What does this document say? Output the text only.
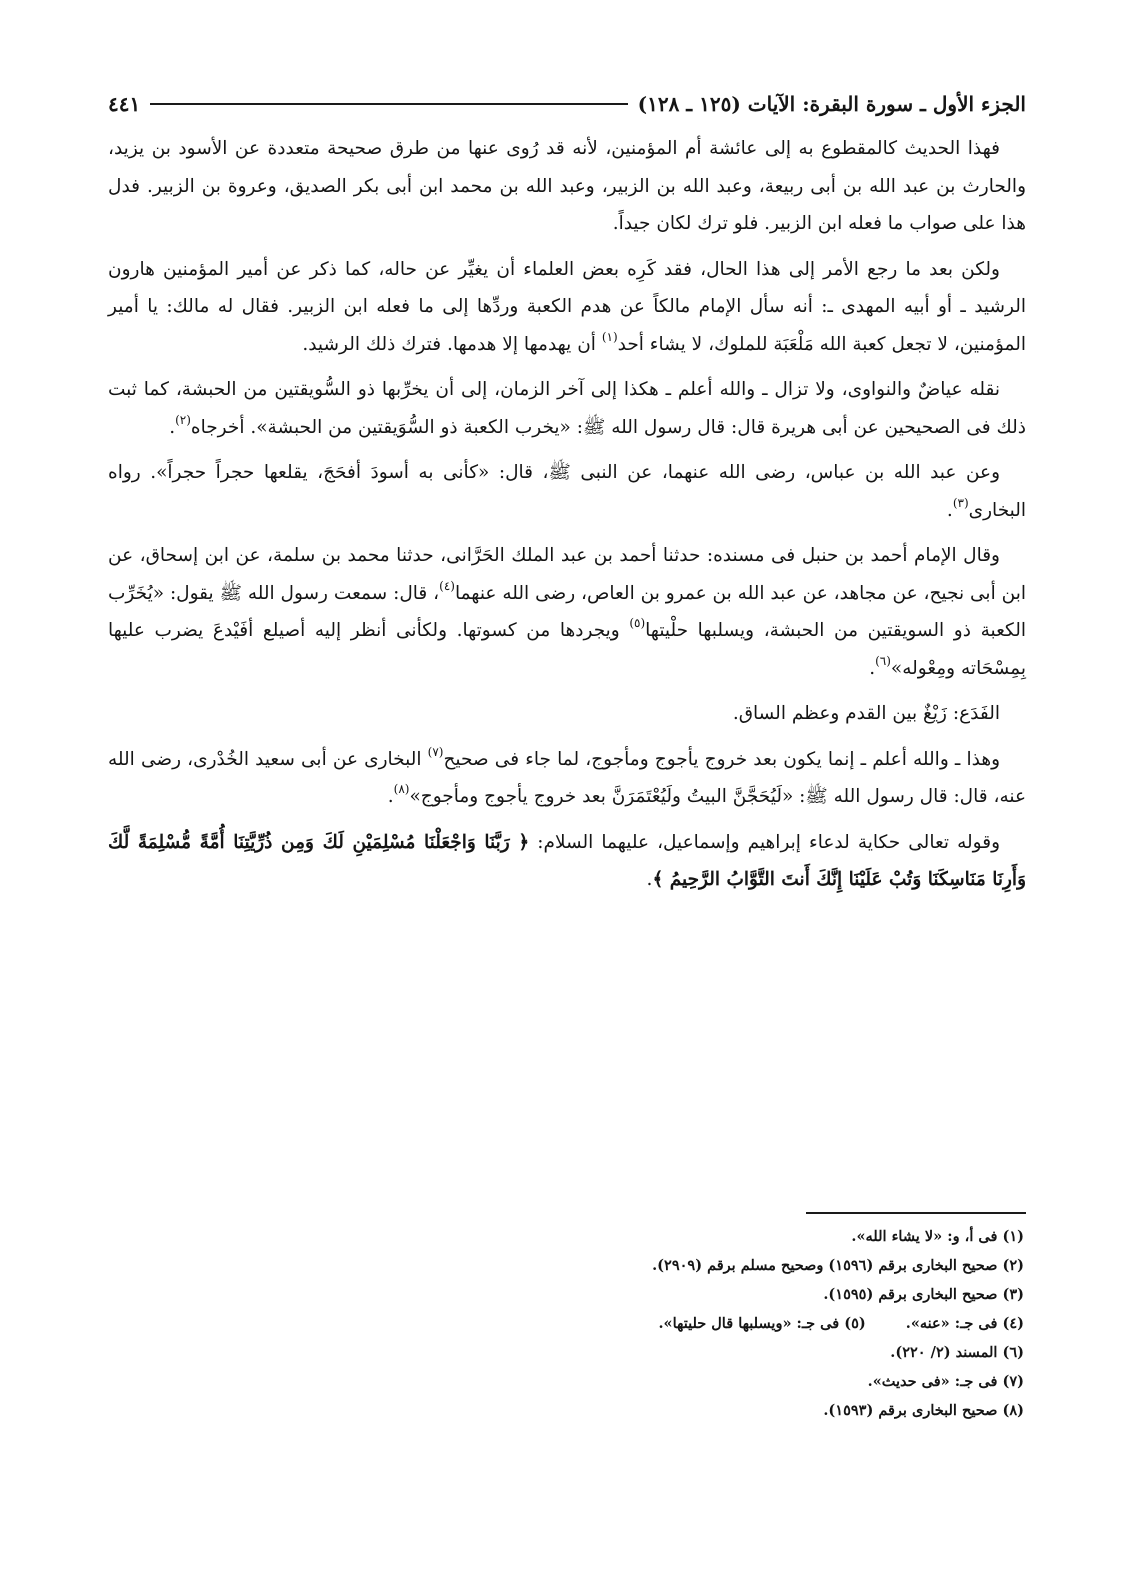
الجزء الأول ـ سورة البقرة: الآيات (١٢٥ ـ ١٢٨)
٤٤١

فهذا الحديث كالمقطوع به إلى عائشة أم المؤمنين، لأنه قد رُوى عنها من طرق صحيحة متعددة عن الأسود بن يزيد، والحارث بن عبد الله بن أبى ربيعة، وعبد الله بن الزبير، وعبد الله بن محمد ابن أبى بكر الصديق، وعروة بن الزبير. فدل هذا على صواب ما فعله ابن الزبير. فلو ترك لكان جيداً.

ولكن بعد ما رجع الأمر إلى هذا الحال، فقد كَرِه بعض العلماء أن يغيِّر عن حاله، كما ذكر عن أمير المؤمنين هارون الرشيد ـ أو أبيه المهدى ـ: أنه سأل الإمام مالكاً عن هدم الكعبة وردِّها إلى ما فعله ابن الزبير. فقال له مالك: يا أمير المؤمنين، لا تجعل كعبة الله مَلْعَبَة للملوك، لا يشاء أحد$^{(١)}$ أن يهدمها إلا هدمها. فترك ذلك الرشيد.

نقله عياضٌ والنواوى، ولا تزال ـ والله أعلم ـ هكذا إلى آخر الزمان، إلى أن يخرِّبها ذو السُّويقتين من الحبشة، كما ثبت ذلك فى الصحيحين عن أبى هريرة قال: قال رسول الله ﷺ: «يخرب الكعبة ذو السُّوَيقتين من الحبشة». أخرجاه$^{(٢)}$.

وعن عبد الله بن عباس، رضى الله عنهما، عن النبى ﷺ، قال: «كأنى به أسودَ أفحَجَ، يقلعها حجراً حجراً». رواه البخارى$^{(٣)}$.

وقال الإمام أحمد بن حنبل فى مسنده: حدثنا أحمد بن عبد الملك الحَرَّانى، حدثنا محمد بن سلمة، عن ابن إسحاق، عن ابن أبى نجيح، عن مجاهد، عن عبد الله بن عمرو بن العاص، رضى الله عنهما$^{(٤)}$، قال: سمعت رسول الله ﷺ يقول: «يُخَرِّب الكعبة ذو السويقتين من الحبشة، ويسلبها حلْيتها$^{(٥)}$ ويجردها من كسوتها. ولكأنى أنظر إليه أصيلع أفَيْدعَ يضرب عليها بِمِسْحَاته ومِعْوله»$^{(٦)}$.

الفَدَع: زَيْغٌ بين القدم وعظم الساق.

وهذا ـ والله أعلم ـ إنما يكون بعد خروج يأجوج ومأجوج، لما جاء فى صحيح$^{(٧)}$ البخارى عن أبى سعيد الخُدْرى، رضى الله عنه، قال: قال رسول الله ﷺ: «لَيُحَجَّنَّ البيتُ ولَيُعْتَمَرَنَّ بعد خروج يأجوج ومأجوج»$^{(٨)}$.

وقوله تعالى حكاية لدعاء إبراهيم وإسماعيل، عليهما السلام: ﴿ رَبَّنَا وَاجْعَلْنَا مُسْلِمَيْنِ لَكَ وَمِن ذُرِّيَّتِنَا أُمَّةً مُّسْلِمَةً لَّكَ وَأَرِنَا مَنَاسِكَنَا وَتُبْ عَلَيْنَا إِنَّكَ أَنتَ التَّوَّابُ الرَّحِيمُ ﴾.

(١) فى أ، و: «لا يشاء الله».
(٢) صحيح البخارى برقم (١٥٩٦) وصحيح مسلم برقم (٢٩٠٩).
(٣) صحيح البخارى برقم (١٥٩٥).
(٤) فى جـ: «عنه».(٥) فى جـ: «ويسلبها قال حليتها».
(٦) المسند (٢/ ٢٢٠).
(٧) فى جـ: «فى حديث».
(٨) صحيح البخارى برقم (١٥٩٣).
